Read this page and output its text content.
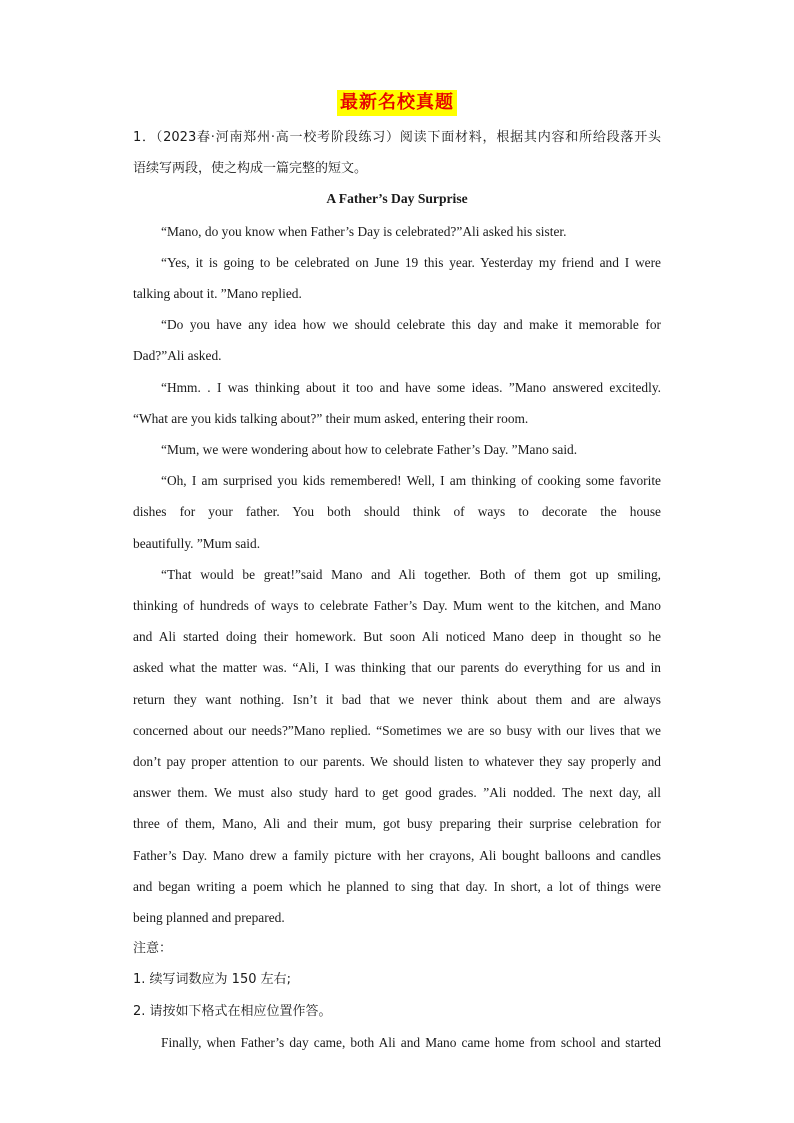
最新名校真题
1．（2023春·河南郑州·高一校考阶段练习）阅读下面材料，根据其内容和所给段落开头
语续写两段，使之构成一篇完整的短文。
A Father’s Day Surprise
“Mano, do you know when Father’s Day is celebrated?”Ali asked his sister.
“Yes, it is going to be celebrated on June 19 this year. Yesterday my friend and I were
talking about it. ”Mano replied.
“Do you have any idea how we should celebrate this day and make it memorable for
Dad?”Ali asked.
“Hmm. . I was thinking about it too and have some ideas. ”Mano answered excitedly.
“What are you kids talking about?” their mum asked, entering their room.
“Mum, we were wondering about how to celebrate Father’s Day. ”Mano said.
“Oh, I am surprised you kids remembered! Well, I am thinking of cooking some favorite
dishes for your father. You both should think of ways to decorate the house
beautifully. ”Mum said.
“That would be great!”said Mano and Ali together. Both of them got up smiling,
thinking of hundreds of ways to celebrate Father’s Day. Mum went to the kitchen, and Mano
and Ali started doing their homework. But soon Ali noticed Mano deep in thought so he
asked what the matter was. “Ali, I was thinking that our parents do everything for us and in
return they want nothing. Isn’t it bad that we never think about them and are always
concerned about our needs?”Mano replied. “Sometimes we are so busy with our lives that we
don’t pay proper attention to our parents. We should listen to whatever they say properly and
answer them. We must also study hard to get good grades. ”Ali nodded. The next day, all
three of them, Mano, Ali and their mum, got busy preparing their surprise celebration for
Father’s Day. Mano drew a family picture with her crayons, Ali bought balloons and candles
and began writing a poem which he planned to sing that day. In short, a lot of things were
being planned and prepared.
注意：
1. 续写词数应为 150 左右;
2. 请按如下格式在相应位置作答。
Finally, when Father’s day came, both Ali and Mano came home from school and started
